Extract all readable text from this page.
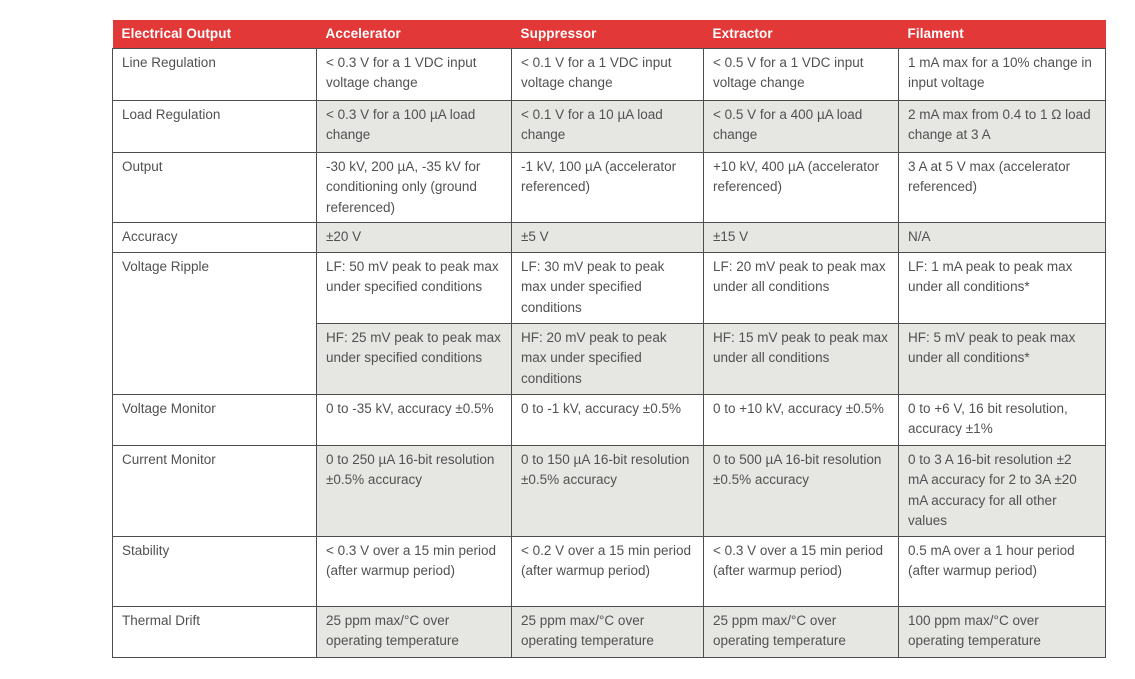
Electrical Output	Accelerator	Suppressor	Extractor	Filament
Line Regulation	< 0.3 V for a 1 VDC input voltage change	< 0.1 V for a 1 VDC input voltage change	< 0.5 V for a 1 VDC input voltage change	1 mA max for a 10% change in input voltage
Load Regulation	< 0.3 V for a 100 µA load change	< 0.1 V for a 10 µA load change	< 0.5 V for a 400 µA load change	2 mA max from 0.4 to 1 Ω load change at 3 A
Output	-30 kV, 200 µA, -35 kV for conditioning only (ground referenced)	-1 kV, 100 µA (accelerator referenced)	+10 kV, 400 µA (accelerator referenced)	3 A at 5 V max (accelerator referenced)
Accuracy	±20 V	±5 V	±15 V	N/A
Voltage Ripple	LF: 50 mV peak to peak max under specified conditions	LF: 30 mV peak to peak max under specified conditions	LF: 20 mV peak to peak max under all conditions	LF: 1 mA peak to peak max under all conditions*
	HF: 25 mV peak to peak max under specified conditions	HF: 20 mV peak to peak max under specified conditions	HF: 15 mV peak to peak max under all conditions	HF: 5 mV peak to peak max under all conditions*
Voltage Monitor	0 to -35 kV, accuracy ±0.5%	0 to -1 kV, accuracy ±0.5%	0 to +10 kV, accuracy ±0.5%	0 to +6 V, 16 bit resolution, accuracy ±1%
Current Monitor	0 to 250 µA 16-bit resolution ±0.5% accuracy	0 to 150 µA 16-bit resolution ±0.5% accuracy	0 to 500 µA 16-bit resolution ±0.5% accuracy	0 to 3 A 16-bit resolution ±2 mA accuracy for 2 to 3A ±20 mA accuracy for all other values
Stability	< 0.3 V over a 15 min period (after warmup period)	< 0.2 V over a 15 min period (after warmup period)	< 0.3 V over a 15 min period (after warmup period)	0.5 mA over a 1 hour period (after warmup period)
Thermal Drift	25 ppm max/°C over operating temperature	25 ppm max/°C over operating temperature	25 ppm max/°C over operating temperature	100 ppm max/°C over operating temperature
